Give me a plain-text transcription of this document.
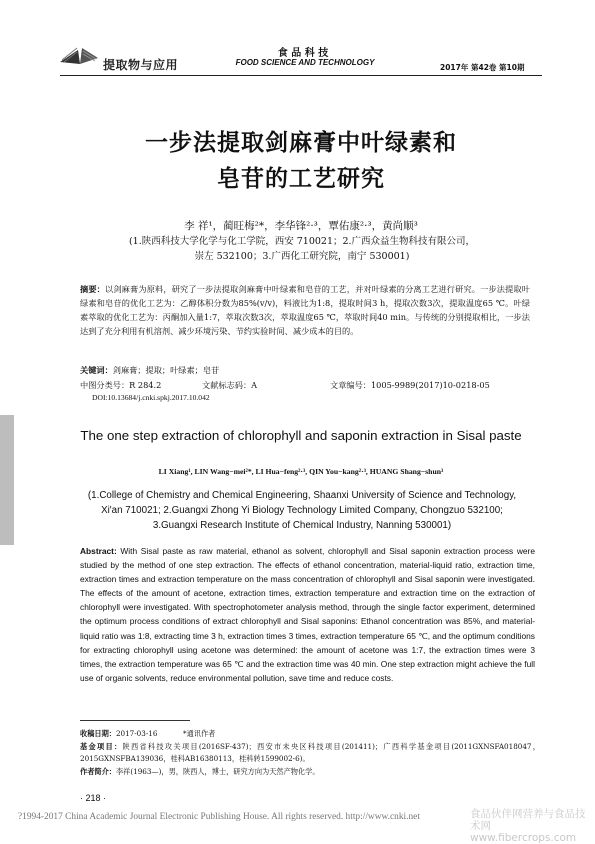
提取物与应用
食 品 科 技
FOOD SCIENCE AND TECHNOLOGY
2017年 第42卷 第10期
一步法提取剑麻膏中叶绿素和
皂苷的工艺研究
李 祥¹，蔺旺梅²*，李华锋²·³，覃佑康²·³，黄尚顺³
(1.陕西科技大学化学与化工学院，西安 710021；2.广西众益生物科技有限公司，
崇左 532100；3.广西化工研究院，南宁 530001)
摘要：以剑麻膏为原料，研究了一步法提取剑麻膏中叶绿素和皂苷的工艺，并对叶绿素的分离工艺进行研究。一步法提取叶绿素和皂苷的优化工艺为：乙醇体积分数为85%(v/v)，料液比为1:8，提取时间3 h，提取次数3次，提取温度65 ℃。叶绿素萃取的优化工艺为：丙酮加入量1:7，萃取次数3次，萃取温度65 ℃，萃取时间40 min。与传统的分别提取相比，一步法达到了充分利用有机溶剂、减少环境污染、节约实验时间、减少成本的目的。
关键词：剑麻膏；提取；叶绿素；皂苷
中图分类号：R 284.2	文献标志码：A	文章编号：1005-9989(2017)10-0218-05
DOI:10.13684/j.cnki.spkj.2017.10.042
The one step extraction of chlorophyll and saponin extraction in Sisal paste
LI Xiang¹, LIN Wang−mei²*, LI Hua−feng²·³, QIN You−kang²·³, HUANG Shang−shun³
(1.College of Chemistry and Chemical Engineering, Shaanxi University of Science and Technology, Xi'an 710021; 2.Guangxi Zhong Yi Biology Technology Limited Company, Chongzuo 532100; 3.Guangxi Research Institute of Chemical Industry, Nanning 530001)
Abstract: With Sisal paste as raw material, ethanol as solvent, chlorophyll and Sisal saponin extraction process were studied by the method of one step extraction. The effects of ethanol concentration, material-liquid ratio, extraction time, extraction times and extraction temperature on the mass concentration of chlorophyll and Sisal saponin were investigated. The effects of the amount of acetone, extraction times, extraction temperature and extraction time on the extraction of chlorophyll were investigated. With spectrophotometer analysis method, through the single factor experiment, determined the optimum process conditions of extract chlorophyll and Sisal saponins: Ethanol concentration was 85%, and material-liquid ratio was 1:8, extracting time 3 h, extraction times 3 times, extraction temperature 65 ℃, and the optimum conditions for extracting chlorophyll using acetone was determined: the amount of acetone was 1:7, the extraction times were 3 times, the extraction temperature was 65 ℃ and the extraction time was 40 min. One step extraction might achieve the full use of organic solvents, reduce environmental pollution, save time and reduce costs.
收稿日期：2017-03-16	*通讯作者
基金项目：陕西省科技攻关项目(2016SF-437)；西安市未央区科技项目(201411)；广西科学基金项目(2011GXNSFA018047，2015GXNSFBA139036，桂科AB16380113，桂科转1599002-6)。
作者简介：李祥(1963—)，男，陕西人，博士，研究方向为天然产物化学。
· 218 ·
?1994-2017 China Academic Journal Electronic Publishing House. All rights reserved. http://www.cnki.net	食品伙伴网营养与食品技术网
www.fibercrops.com
